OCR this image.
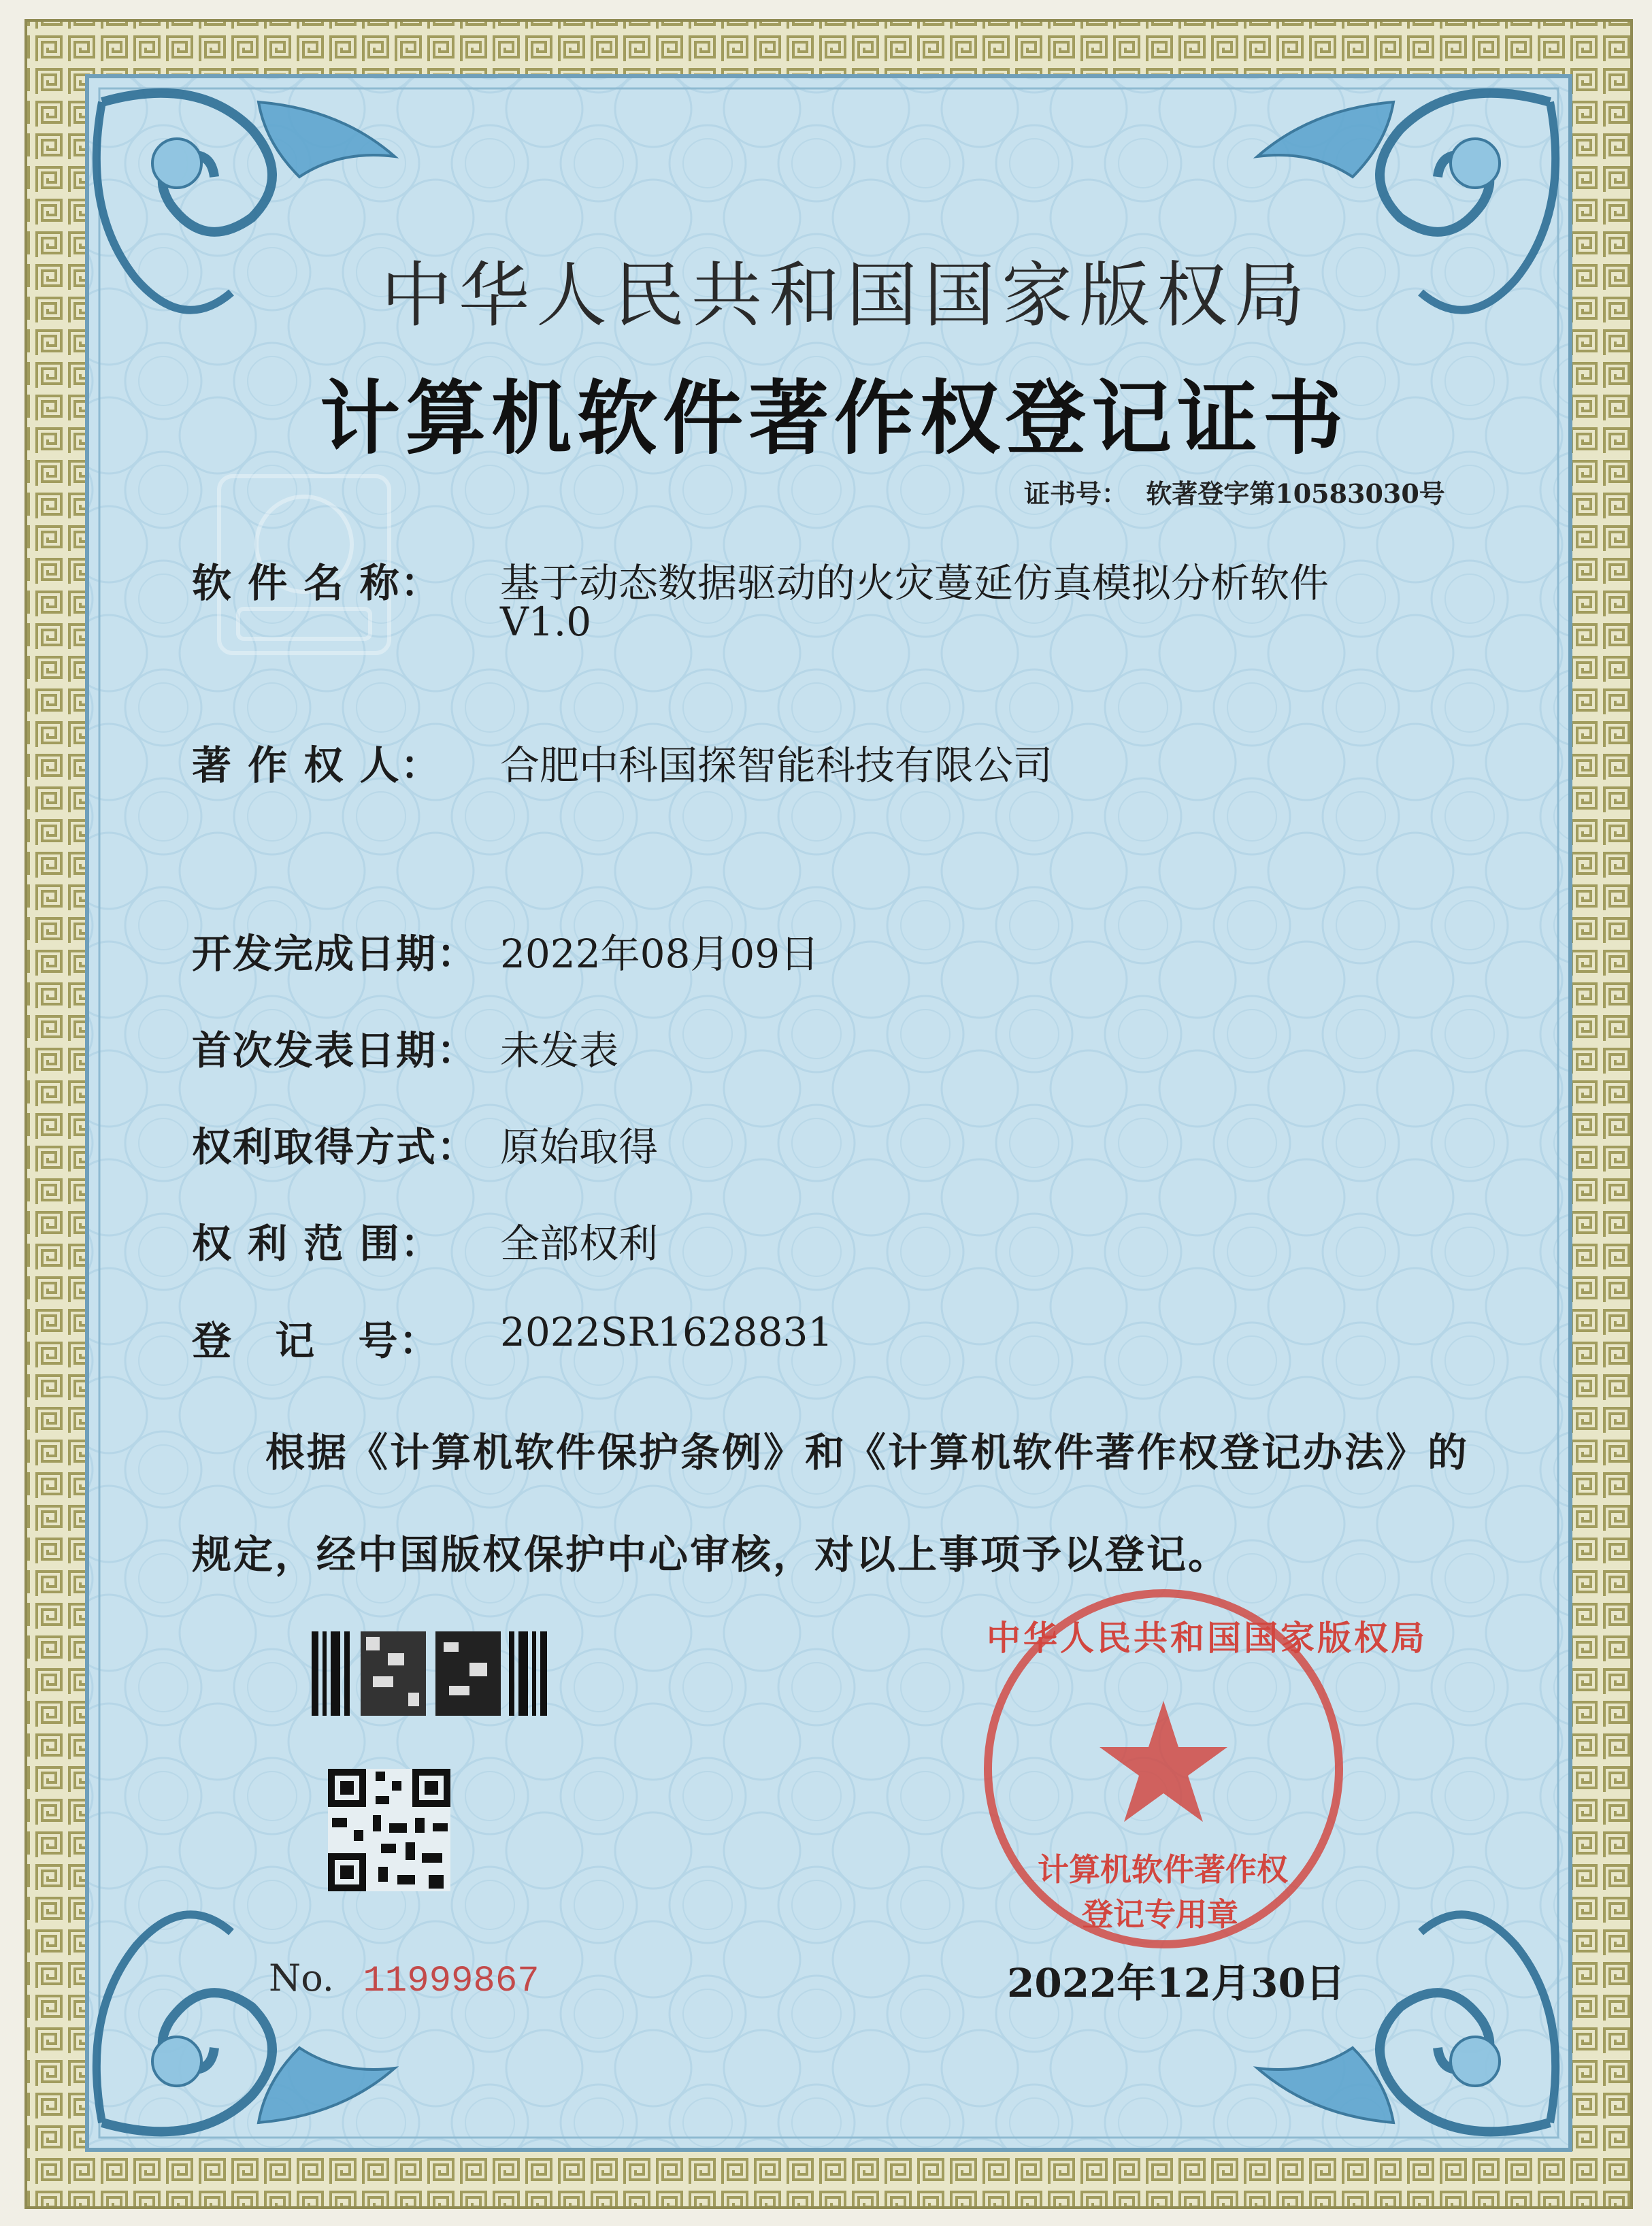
中华人民共和国国家版权局
计算机软件著作权登记证书
证书号： 软著登字第10583030号
软 件 名 称： 基于动态数据驱动的火灾蔓延仿真模拟分析软件
V1.0
著 作 权 人： 合肥中科国探智能科技有限公司
开发完成日期： 2022年08月09日
首次发表日期： 未发表
权利取得方式： 原始取得
权 利 范 围： 全部权利
登 记 号： 2022SR1628831
根据《计算机软件保护条例》和《计算机软件著作权登记办法》的
规定，经中国版权保护中心审核，对以上事项予以登记。
中华人民共和国国家版权局
计算机软件著作权
登记专用章
No. 11999867	2022年12月30日
